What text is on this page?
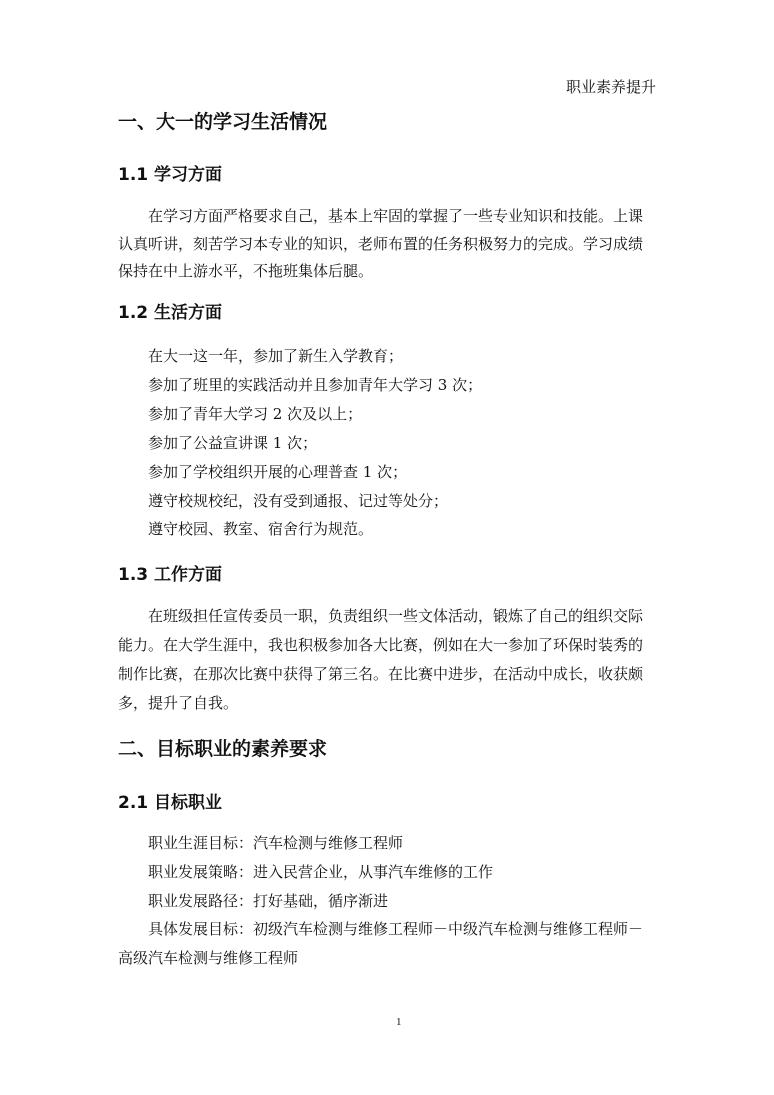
职业素养提升
一、大一的学习生活情况
1.1 学习方面
在学习方面严格要求自己，基本上牢固的掌握了一些专业知识和技能。上课
认真听讲，刻苦学习本专业的知识，老师布置的任务积极努力的完成。学习成绩
保持在中上游水平，不拖班集体后腿。
1.2 生活方面
在大一这一年，参加了新生入学教育；
参加了班里的实践活动并且参加青年大学习 3 次；
参加了青年大学习 2 次及以上；
参加了公益宣讲课 1 次；
参加了学校组织开展的心理普查 1 次；
遵守校规校纪，没有受到通报、记过等处分；
遵守校园、教室、宿舍行为规范。
1.3 工作方面
在班级担任宣传委员一职，负责组织一些文体活动，锻炼了自己的组织交际
能力。在大学生涯中，我也积极参加各大比赛，例如在大一参加了环保时装秀的
制作比赛，在那次比赛中获得了第三名。在比赛中进步，在活动中成长，收获颇
多，提升了自我。
二、目标职业的素养要求
2.1 目标职业
职业生涯目标：汽车检测与维修工程师
职业发展策略：进入民营企业，从事汽车维修的工作
职业发展路径：打好基础，循序渐进
具体发展目标：初级汽车检测与维修工程师－中级汽车检测与维修工程师－
高级汽车检测与维修工程师
1
